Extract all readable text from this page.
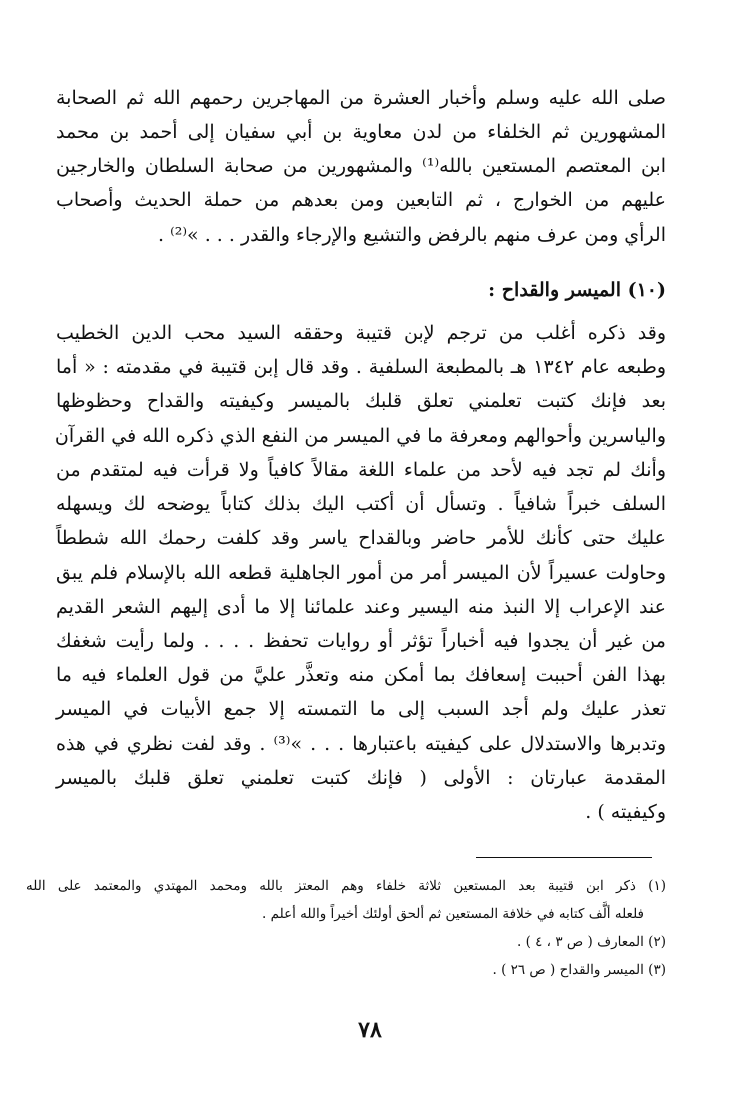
صلى الله عليه وسلم وأخبار العشرة من المهاجرين رحمهم الله ثم الصحابة
المشهورين ثم الخلفاء من لدن معاوية بن أبي سفيان إلى أحمد بن محمد
ابن المعتصم المستعين بالله⁽¹⁾ والمشهورين من صحابة السلطان والخارجين
عليهم من الخوارج ، ثم التابعين ومن بعدهم من حملة الحديث وأصحاب
الرأي ومن عرف منهم بالرفض والتشيع والإرجاء والقدر . . . »⁽²⁾ .
(١٠) الميسر والقداح :
وقد ذكره أغلب من ترجم لإبن قتيبة وحققه السيد محب الدين الخطيب
وطبعه عام ١٣٤٢ هـ بالمطبعة السلفية . وقد قال إبن قتيبة في مقدمته : « أما
بعد فإنك كتبت تعلمني تعلق قلبك بالميسر وكيفيته والقداح وحظوظها
والياسرين وأحوالهم ومعرفة ما في الميسر من النفع الذي ذكره الله في القرآن
وأنك لم تجد فيه لأحد من علماء اللغة مقالاً كافياً ولا قرأت فيه لمتقدم من
السلف خبراً شافياً . وتسأل أن أكتب اليك بذلك كتاباً يوضحه لك ويسهله
عليك حتى كأنك للأمر حاضر وبالقداح ياسر وقد كلفت رحمك الله شططاً
وحاولت عسيراً لأن الميسر أمر من أمور الجاهلية قطعه الله بالإسلام فلم يبق
عند الإعراب إلا النبذ منه اليسير وعند علمائنا إلا ما أدى إليهم الشعر القديم
من غير أن يجدوا فيه أخباراً تؤثر أو روايات تحفظ . . . . ولما رأيت شغفك
بهذا الفن أحببت إسعافك بما أمكن منه وتعذَّر عليَّ من قول العلماء فيه ما
تعذر عليك ولم أجد السبب إلى ما التمسته إلا جمع الأبيات في الميسر
وتدبرها والاستدلال على كيفيته باعتبارها . . . »⁽³⁾ . وقد لفت نظري في هذه
المقدمة عبارتان : الأولى ( فإنك كتبت تعلمني تعلق قلبك بالميسر
وكيفيته ) .
(١) ذكر ابن قتيبة بعد المستعين ثلاثة خلفاء وهم المعتز بالله ومحمد المهتدي والمعتمد على الله
فلعله ألَّف كتابه في خلافة المستعين ثم ألحق أولئك أخيراً والله أعلم .
(٢) المعارف ( ص ٣ ، ٤ ) .
(٣) الميسر والقداح ( ص ٢٦ ) .
٧٨
